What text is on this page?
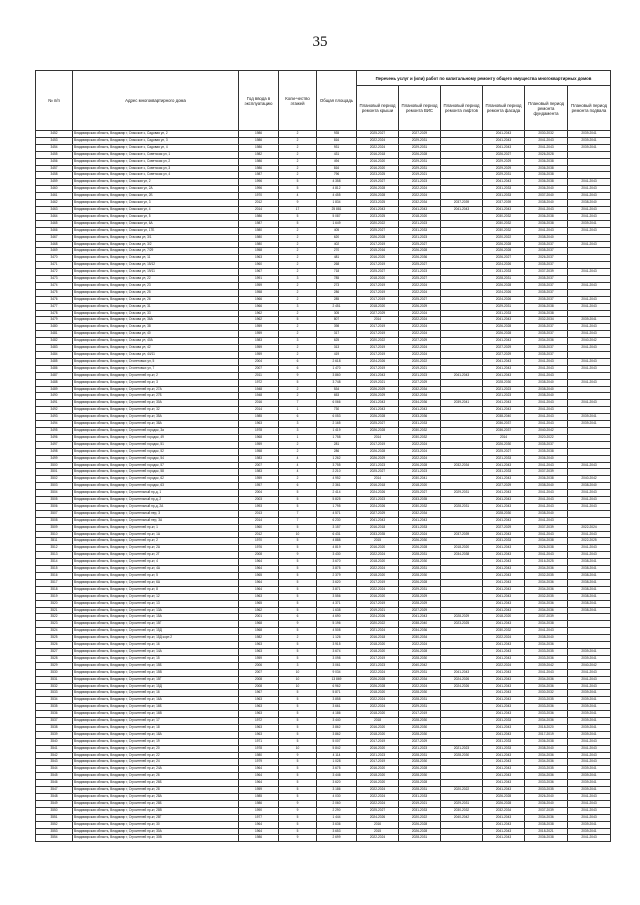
35
№ п/п	Адрес многоквартирного дома	Год ввода в эксплуатацию	Коли-чество этажей	Общая площадь	Перечень услуг и (или) работ по капитальному ремонту общего имущества многоквартирных домов					
					Плановый период ремонта крыши	Плановый период ремонта ВИС	Плановый период ремонта лифтов	Плановый период ремонта фасада	Плановый период ремонта фундамента	Плановый период ремонта подвала
3452	Владимирская область, Владимир г, Спасское с, Садовая ул, 2	1986	2	935	2025-2027	2027-2029		2041-2043	2030-2032	2039-2041
3453	Владимирская область, Владимир г, Спасское с, Садовая ул, 3	1986	2	816	2022-2024	2029-2031		2041-2043	2041-2043	2039-2041
3454	Владимирская область, Владимир г, Спасское с, Садовая ул, 4	1986	2	931	2022-2024	2029-2031		2041-2043	2041-2043	2039-2041
3455	Владимирская область, Владимир г, Спасское с, Советская ул, 1	1982	2	431	2016-2018	2026-2028		2026-2027	2026-2028	
3456	Владимирская область, Владимир г, Спасское с, Советская ул, 2	1986	2	494	2016-2020	2029-2031		2029-2029	2036-2038	
3457	Владимирская область, Владимир г, Спасское с, Советская ул, 3	1986	2	816	2016-2020	2029-2031		2029-2029	2036-2038	
3458	Владимирская область, Владимир г, Спасское с, Советская ул, 4	1987	2	796	2023-2025	2019-2021		2029-2031	2036-2038	
3459	Владимирская область, Владимир г, Спасская ул, 2	1996	5	4 358	2019-2027	2021-2023		2041-2043	2036-2038	2041-2043
3460	Владимирская область, Владимир г, Спасская ул, 2А	1996	5	4 812	2026-2028	2022-2024		2031-2033	2036-2040	2041-2043
3461	Владимирская область, Владимир г, Спасская ул, 2Б	1970	4	4 455	2026-2028	2022-2024		2031-2033	2037-2040	2041-2043
3462	Владимирская область, Владимир г, Спасская ул, 3	2012	9	1 834	2023-2025	2032-2034	2037-2039	2037-2039	2038-2040	2038-2040
3463	Владимирская область, Владимир г, Спасская ул, 4	2014	17	25 881	2041-2043	2041-2043	2041-2043	2041-2043	2041-2043	2041-2043
3464	Владимирская область, Владимир г, Спасская ул, 5	1986	5	5 087	2023-2025	2018-2020		2030-2032	2036-2038	2041-2043
3465	Владимирская область, Владимир г, Спасская ул, 6А	1987	5	1 649	2020-2022	2021-2023		2030-2032	2036-2038	2039-2041
3466	Владимирская область, Владимир г, Спасская ул, 17Б	1980	2	405	2025-2027	2031-2033		2030-2032	2041-2043	2041-2043
3467	Владимирская область, Владимир г, Стасова ул, 3/1	1980	2	620	2026-2028	2021-2023		2020-2022	2038-2040	
3468	Владимирская область, Владимир г, Стасова ул, 3/2	1980	2	402	2017-2019	2025-2027		2026-2028	2035-2037	2041-2043
3469	Владимирская область, Владимир г, Стасова ул, 7/29	1958	2	270	2015-2016	2026-2028		2026-2028	2035-2037	
3470	Владимирская область, Владимир г, Стасова ул, 11	1963	2	481	2016-2020	2026-2036		2026-2027	2026-2037	
3471	Владимирская область, Владимир г, Стасова ул, 15/12	1960	2	268	2017-2019	2025-2027		2024-2026	2035-2037	
3472	Владимирская область, Владимир г, Стасова ул, 19/11	1967	2	718	2025-2027	2021-2023		2031-2033	2037-2039	2041-2043
3473	Владимирская область, Владимир г, Стасова ул, 22	1991	3	785	2018-2020	2025-2027		2028-2031	2035-2037	
3474	Владимирская область, Владимир г, Стасова ул, 23	1959	2	273	2017-2019	2022-2024		2026-2028	2035-2037	2041-2043
3475	Владимирская область, Владимир г, Стасова ул, 25	1958	2	286	2017-2019	2022-2024		2024-2026	2035-2037	
3476	Владимирская область, Владимир г, Стасова ул, 26	1966	2	285	2017-2019	2025-2027		2024-2026	2035-2037	2041-2043
3477	Владимирская область, Владимир г, Стасова ул, 31	1966	3	2 451	2018-2020	2026-2029		2029-2031	2036-2038	2041-2043
3478	Владимирская область, Владимир г, Стасова ул, 33	1962	2	305	2027-2029	2022-2024		2031-2033	2036-2038	
3479	Владимирская область, Владимир г, Стасова ул, 36А	1962	5	807	2014	2022-2024		2041-2043	2032-2034	2039-2041
3480	Владимирская область, Владимир г, Стасова ул, 38	1959	2	398	2017-2019	2022-2024		2026-2028	2035-2037	2041-2043
3481	Владимирская область, Владимир г, Стасова ул, 40	1959	2	317	2017-2019	2022-2024		2026-2028	2035-2037	2041-2043
3482	Владимирская область, Владимир г, Стасова ул, 40А	1983	3	625	2020-2022	2027-2029		2041-2043	2034-2036	2040-2042
3483	Владимирская область, Владимир г, Стасова ул, 42	1959	2	313	2017-2019	2022-2024		2027-2029	2035-2037	2041-2043
3484	Владимирская область, Владимир г, Стасова ул, 44/11	1959	2	419	2017-2019	2022-2024		2027-2029	2035-2037	
3485	Владимирская область, Владимир г, Столетовых ул, 5	2004	6	2 618	2024-2026	2020-2022		2041-2043	2041-2043	2041-2043
3486	Владимирская область, Владимир г, Столетовых ул, 7	2007	6	1 470	2017-2019	2019-2021		2041-2043	2041-2043	2041-2043
3487	Владимирская область, Владимир г, Строителей пр-кт, 2	2011	9	3 860	2041-2043	2021-2023	2041-2043	2041-2043	2041-2043	
3488	Владимирская область, Владимир г, Строителей пр-кт, 3	1972	5	3 748	2019-2021	2027-2029		2028-2030	2038-2040	2041-2043
3489	Владимирская область, Владимир г, Строителей пр-кт, 27А	1948	2	534	2026-2029	2032-2034		2021-2023	2038-2040	
3490	Владимирская область, Владимир г, Строителей пр-кт, 27Б	1948	2	653	2026-2029	2032-2034		2021-2023	2038-2040	
3491	Владимирская область, Владимир г, Строителей пр-кт, 30А	2016	7	6 066	2041-2043	2034-2036	2039-2041	2041-2043	2041-2043	2041-2043
3492	Владимирская область, Владимир г, Строителей пр-кт, 32	2014	1	730	2041-2043	2041-2043		2041-2043	2041-2043	
3493	Владимирская область, Владимир г, Строителей пр-кт, 35А	1985	6	6 053	2026-2028	2033-2036		2038-2040	2041-2043	2039-2041
3494	Владимирская область, Владимир г, Строителей пр-кт, 38А	1963	3	2 165	2025-2027	2031-2033		2036-2037	2041-2043	2039-2041
3495	Владимирская область, Владимир г, Строителей городок, 3а	1978	3	1 419	2026-2028	2030-2032		2036-2037	2040-2042	
3496	Владимирская область, Владимир г, Строителей городок, 49	1968	1	1 758	2014	2030-2032		2014	2020-2022	
3497	Владимирская область, Владимир г, Строителей городок, 51	1959	2	281	2017-2019	2022-2024		2026-2030	2035-2037	
3498	Владимирская область, Владимир г, Строителей городок, 52	1958	2	286	2026-2028	2023-2024		2025-2027	2035-2038	
3499	Владимирская область, Владимир г, Строителей городок, 54	1983	4	1 262	2026-2029	2022-2024		2021-2033	2036-2040	
3500	Владимирская область, Владимир г, Строителей городок, 57	2007	4	3 755	2021-2023	2026-2028	2032-2034	2041-2043	2041-2043	2041-2043
3501	Владимирская область, Владимир г, Строителей городок, 58	1983	4	2 210	2025-2027	2021-2023		2031-2033	2037-2039	
3502	Владимирская область, Владимир г, Строителей городок, 62	1959	2	4 952	2014	2030-2041		2041-2043	2036-2038	2040-2042
3503	Владимирская область, Владимир г, Строителей городок, 63	1957	6	2 361	2016-2018	2018-2020		2027-2029	2038-2040	2038-2040
3504	Владимирская область, Владимир г, Строительный пр-д, 1	2004	5	2 414	2024-2026	2025-2027	2029-2031	2041-2043	2041-2043	2041-2043
3505	Владимирская область, Владимир г, Строительный пр-д, 2	2003	5	5 825	2021-2023	2033-2035		2041-2043	2041-2043	2041-2043
3506	Владимирская область, Владимир г, Строительный пр-д, 2А	1993	5	1 795	2024-2026	2030-2032	2028-2031	2041-2043	2041-2043	2041-2043
3507	Владимирская область, Владимир г, Строительный пер, 3	2013	7	4 571	2027-2029	2032-2034		2028-2030	2038-2040	
3508	Владимирская область, Владимир г, Строительный пер, 3А	2014	7	6 230	2041-2043	2041-2043		2041-2043	2041-2043	
3509	Владимирская область, Владимир г, Строителей пр-кт, 1	1960	5	3 157	2016-2018	2031-2033		2027-2029	2037-2039	2022-2024
3510	Владимирская область, Владимир г, Строителей пр-кт, 1А	2012	10	6 431	2033-2035	2022-2024	2037-2039	2041-2043	2041-2043	2041-2043
3511	Владимирская область, Владимир г, Строителей пр-кт, 2	1970	5	4 888	2015	2026-2030		2031-2033	2034-2038	2022-2025
3512	Владимирская область, Владимир г, Строителей пр-кт, 2А	1976	5	4 819	2016-2020	2026-2028	2018-2020	2041-2043	2026-2038	2041-2043
3513	Владимирская область, Владимир г, Строителей пр-кт, 2Г	2008	9	3 430	2022-2024	2028-2031	2034-2038	2041-2043	2041-2043	2041-2043
3514	Владимирская область, Владимир г, Строителей пр-кт, 4	1964	5	3 670	2018-2020	2028-2030		2041-2043	2016-2025	2038-2041
3515	Владимирская область, Владимир г, Строителей пр-кт, 4А	1964	5	3 875	2022-2024	2028-2031		2041-2043	2034-2036	2038-2041
3516	Владимирская область, Владимир г, Строителей пр-кт, 5	1965	5	2 379	2018-2020	2028-2030		2041-2043	2032-2035	2038-2041
3517	Владимирская область, Владимир г, Строителей пр-кт, 6А	1964	5	3 620	2017-2019	2026-2028		2041-2043	2034-2036	2038-2041
3518	Владимирская область, Владимир г, Строителей пр-кт, 8	1964	5	3 871	2022-2024	2029-2031		2041-2043	2034-2036	2038-2041
3519	Владимирская область, Владимир г, Строителей пр-кт, 12	1963	5	3 556	2016-2020	2028-2029		2041-2043	2032-2035	2038-2041
3520	Владимирская область, Владимир г, Строителей пр-кт, 13	1965	5	4 371	2017-2019	2028-2029		2041-2043	2034-2036	2038-2041
3521	Владимирская область, Владимир г, Строителей пр-кт, 13А	1962	5	1 638	2019-2021	2027-2029		2041-2043	2034-2036	2038-2041
3522	Владимирская область, Владимир г, Строителей пр-кт, 15А	2001	6	4 690	2024-2026	2041-2043	2028-2029	2018-2020	2037-2039	
3523	Владимирская область, Владимир г, Строителей пр-кт, 15Г	1968	9	5 196	2020-2022	2038-2040	2023-2025	2041-2043	2034-2038	
3524	Владимирская область, Владимир г, Строителей пр-кт, 15Д	1968	5	4 508	2021-2024	2034-2036		2030-2032	2041-2043	
3525	Владимирская область, Владимир г, Строителей пр-кт, 15Д корп 2	1982	2	1 126	2016-2018	2030-2034		2022-2024	2038-2040	
3526	Владимирская область, Владимир г, Строителей пр-кт, 16	1963	5	3 915	2018-2020	2022-2024		2041-2043	2034-2036	
3527	Владимирская область, Владимир г, Строителей пр-кт, 14А	1963	5	3 674	2018-2020	2026-2028		2041-2043	2033-2035	2039-2041
3528	Владимирская область, Владимир г, Строителей пр-кт, 15	1959	5	3 098	2017-2019	2028-2030		2041-2043	2033-2036	2039-2041
3529	Владимирская область, Владимир г, Строителей пр-кт, 15Б	2006	3	3 061	2021-2023	2040-2042		2022-2024	2039-2042	2040-2042
3530	Владимирская область, Владимир г, Строителей пр-кт, 15В	2007	10	9 034	2022-2024	2029-2031	2041-2043	2041-2043	2041-2043	2041-2043
3531	Владимирская область, Владимир г, Строителей пр-кт, 15Г	2008	10	13 869	2026-2028	2032-2034	2024-2026	2041-2043	2034-2036	2041-2043
3532	Владимирская область, Владимир г, Строителей пр-кт, 15Д	2008	10	6 962	2026-2028	2022-2024	2024-2026	2041-2043	2034-2036	2041-2043
3533	Владимирская область, Владимир г, Строителей пр-кт, 16	1967	5	5 871	2018-2020	2028-2030		2041-2043	2030-2032	2039-2041
3534	Владимирская область, Владимир г, Строителей пр-кт, 16А	1963	5	3 858	2022-2024	2028-2031		2041-2043	2033-2035	2039-2041
3535	Владимирская область, Владимир г, Строителей пр-кт, 16Б	1963	5	3 661	2022-2024	2029-2031		2041-2043	2033-2036	2039-2041
3536	Владимирская область, Владимир г, Строителей пр-кт, 16В	1963	5	4 186	2018-2020	2017-2019		2041-2043	2033-2036	2039-2041
3537	Владимирская область, Владимир г, Строителей пр-кт, 17	1972	5	3 440	2018	2028-2030		2031-2033	2034-2036	2039-2041
3538	Владимирская область, Владимир г, Строителей пр-кт, 18	1963	5	3 862	2016-2020	2028-2030		2041-2043	2018-2020	2039-2041
3539	Владимирская область, Владимир г, Строителей пр-кт, 18А	1963	5	3 862	2018-2020	2028-2030		2041-2043	2017-2019	2039-2041
3540	Владимирская область, Владимир г, Строителей пр-кт, 19	1971	5	5 007	2017-2019	2027-2029		2031-2033	2036-2038	2041-2043
3541	Владимирская область, Владимир г, Строителей пр-кт, 20	1978	10	5 842	2016-2020	2021-2023	2021-2023	2031-2033	2038-2040	2041-2043
3542	Владимирская область, Владимир г, Строителей пр-кт, 22	1980	9	4 114	2021-2023	2028-2031	2028-2030	2041-2043	2034-2036	2041-2043
3543	Владимирская область, Владимир г, Строителей пр-кт, 24	1979	5	1 028	2017-2019	2028-2030		2041-2043	2034-2036	2041-2043
3544	Владимирская область, Владимир г, Строителей пр-кт, 24А	1964	5	3 675	2016-2020	2026-2028		2041-2043	2033-2035	2039-2041
3545	Владимирская область, Владимир г, Строителей пр-кт, 26	1964	5	3 446	2018-2020	2028-2030		2041-2043	2034-2036	2039-2041
3546	Владимирская область, Владимир г, Строителей пр-кт, 26Б	1964	5	3 620	2016-2020	2028-2028		2041-2043	2033-2036	2039-2041
3547	Владимирская область, Владимир г, Строителей пр-кт, 28	1959	5	3 186	2022-2024	2028-2031	2020-2022	2041-2043	2033-2035	2039-2041
3548	Владимирская область, Владимир г, Строителей пр-кт, 28А	1985	5	4 030	2022-2024	2031-2033		2026-2028	2026-2040	2041-2043
3549	Владимирская область, Владимир г, Строителей пр-кт, 28Б	1986	9	2 060	2022-2024	2019-2021	2029-2031	2026-2028	2036-2040	2041-2043
3550	Владимирская область, Владимир г, Строителей пр-кт, 28В	1990	9	2 290	2025-2027	2031-2033	2030-2032	2032-2034	2037-2039	2041-2043
3551	Владимирская область, Владимир г, Строителей пр-кт, 28Г	1977	5	1 444	2024-2026	2020-2022	2040-2042	2041-2043	2034-2036	2041-2043
3552	Владимирская область, Владимир г, Строителей пр-кт, 30	1964	5	3 636	2016	2026-2028		2041-2043	2038-2038	2039-2041
3553	Владимирская область, Владимир г, Строителей пр-кт, 30А	1964	5	3 653	2015	2026-2028		2041-2043	2018-2021	2039-2041
3554	Владимирская область, Владимир г, Строителей пр-кт, 30В	1986	9	2 699	2022-2024	2028-2031		2041-2043	2036-2038	2041-2043
